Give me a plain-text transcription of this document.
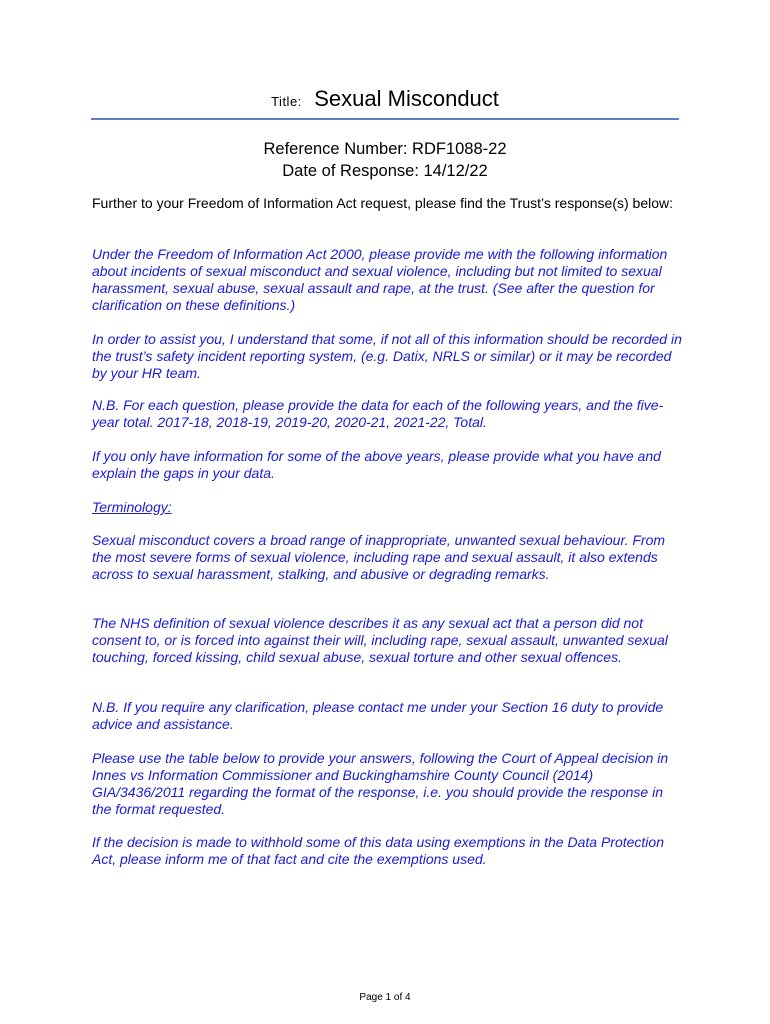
Title: Sexual Misconduct
Reference Number: RDF1088-22
Date of Response: 14/12/22
Further to your Freedom of Information Act request, please find the Trust’s response(s) below:
Under the Freedom of Information Act 2000, please provide me with the following information about incidents of sexual misconduct and sexual violence, including but not limited to sexual harassment, sexual abuse, sexual assault and rape, at the trust. (See after the question for clarification on these definitions.)
In order to assist you, I understand that some, if not all of this information should be recorded in the trust’s safety incident reporting system, (e.g. Datix, NRLS or similar) or it may be recorded by your HR team.
N.B. For each question, please provide the data for each of the following years, and the five-year total. 2017-18, 2018-19, 2019-20, 2020-21, 2021-22, Total.
If you only have information for some of the above years, please provide what you have and explain the gaps in your data.
Terminology:
Sexual misconduct covers a broad range of inappropriate, unwanted sexual behaviour. From the most severe forms of sexual violence, including rape and sexual assault, it also extends across to sexual harassment, stalking, and abusive or degrading remarks.
The NHS definition of sexual violence describes it as any sexual act that a person did not consent to, or is forced into against their will, including rape, sexual assault, unwanted sexual touching, forced kissing, child sexual abuse, sexual torture and other sexual offences.
N.B. If you require any clarification, please contact me under your Section 16 duty to provide advice and assistance.
Please use the table below to provide your answers, following the Court of Appeal decision in Innes vs Information Commissioner and Buckinghamshire County Council (2014) GIA/3436/2011 regarding the format of the response, i.e. you should provide the response in the format requested.
If the decision is made to withhold some of this data using exemptions in the Data Protection Act, please inform me of that fact and cite the exemptions used.
Page 1 of 4
